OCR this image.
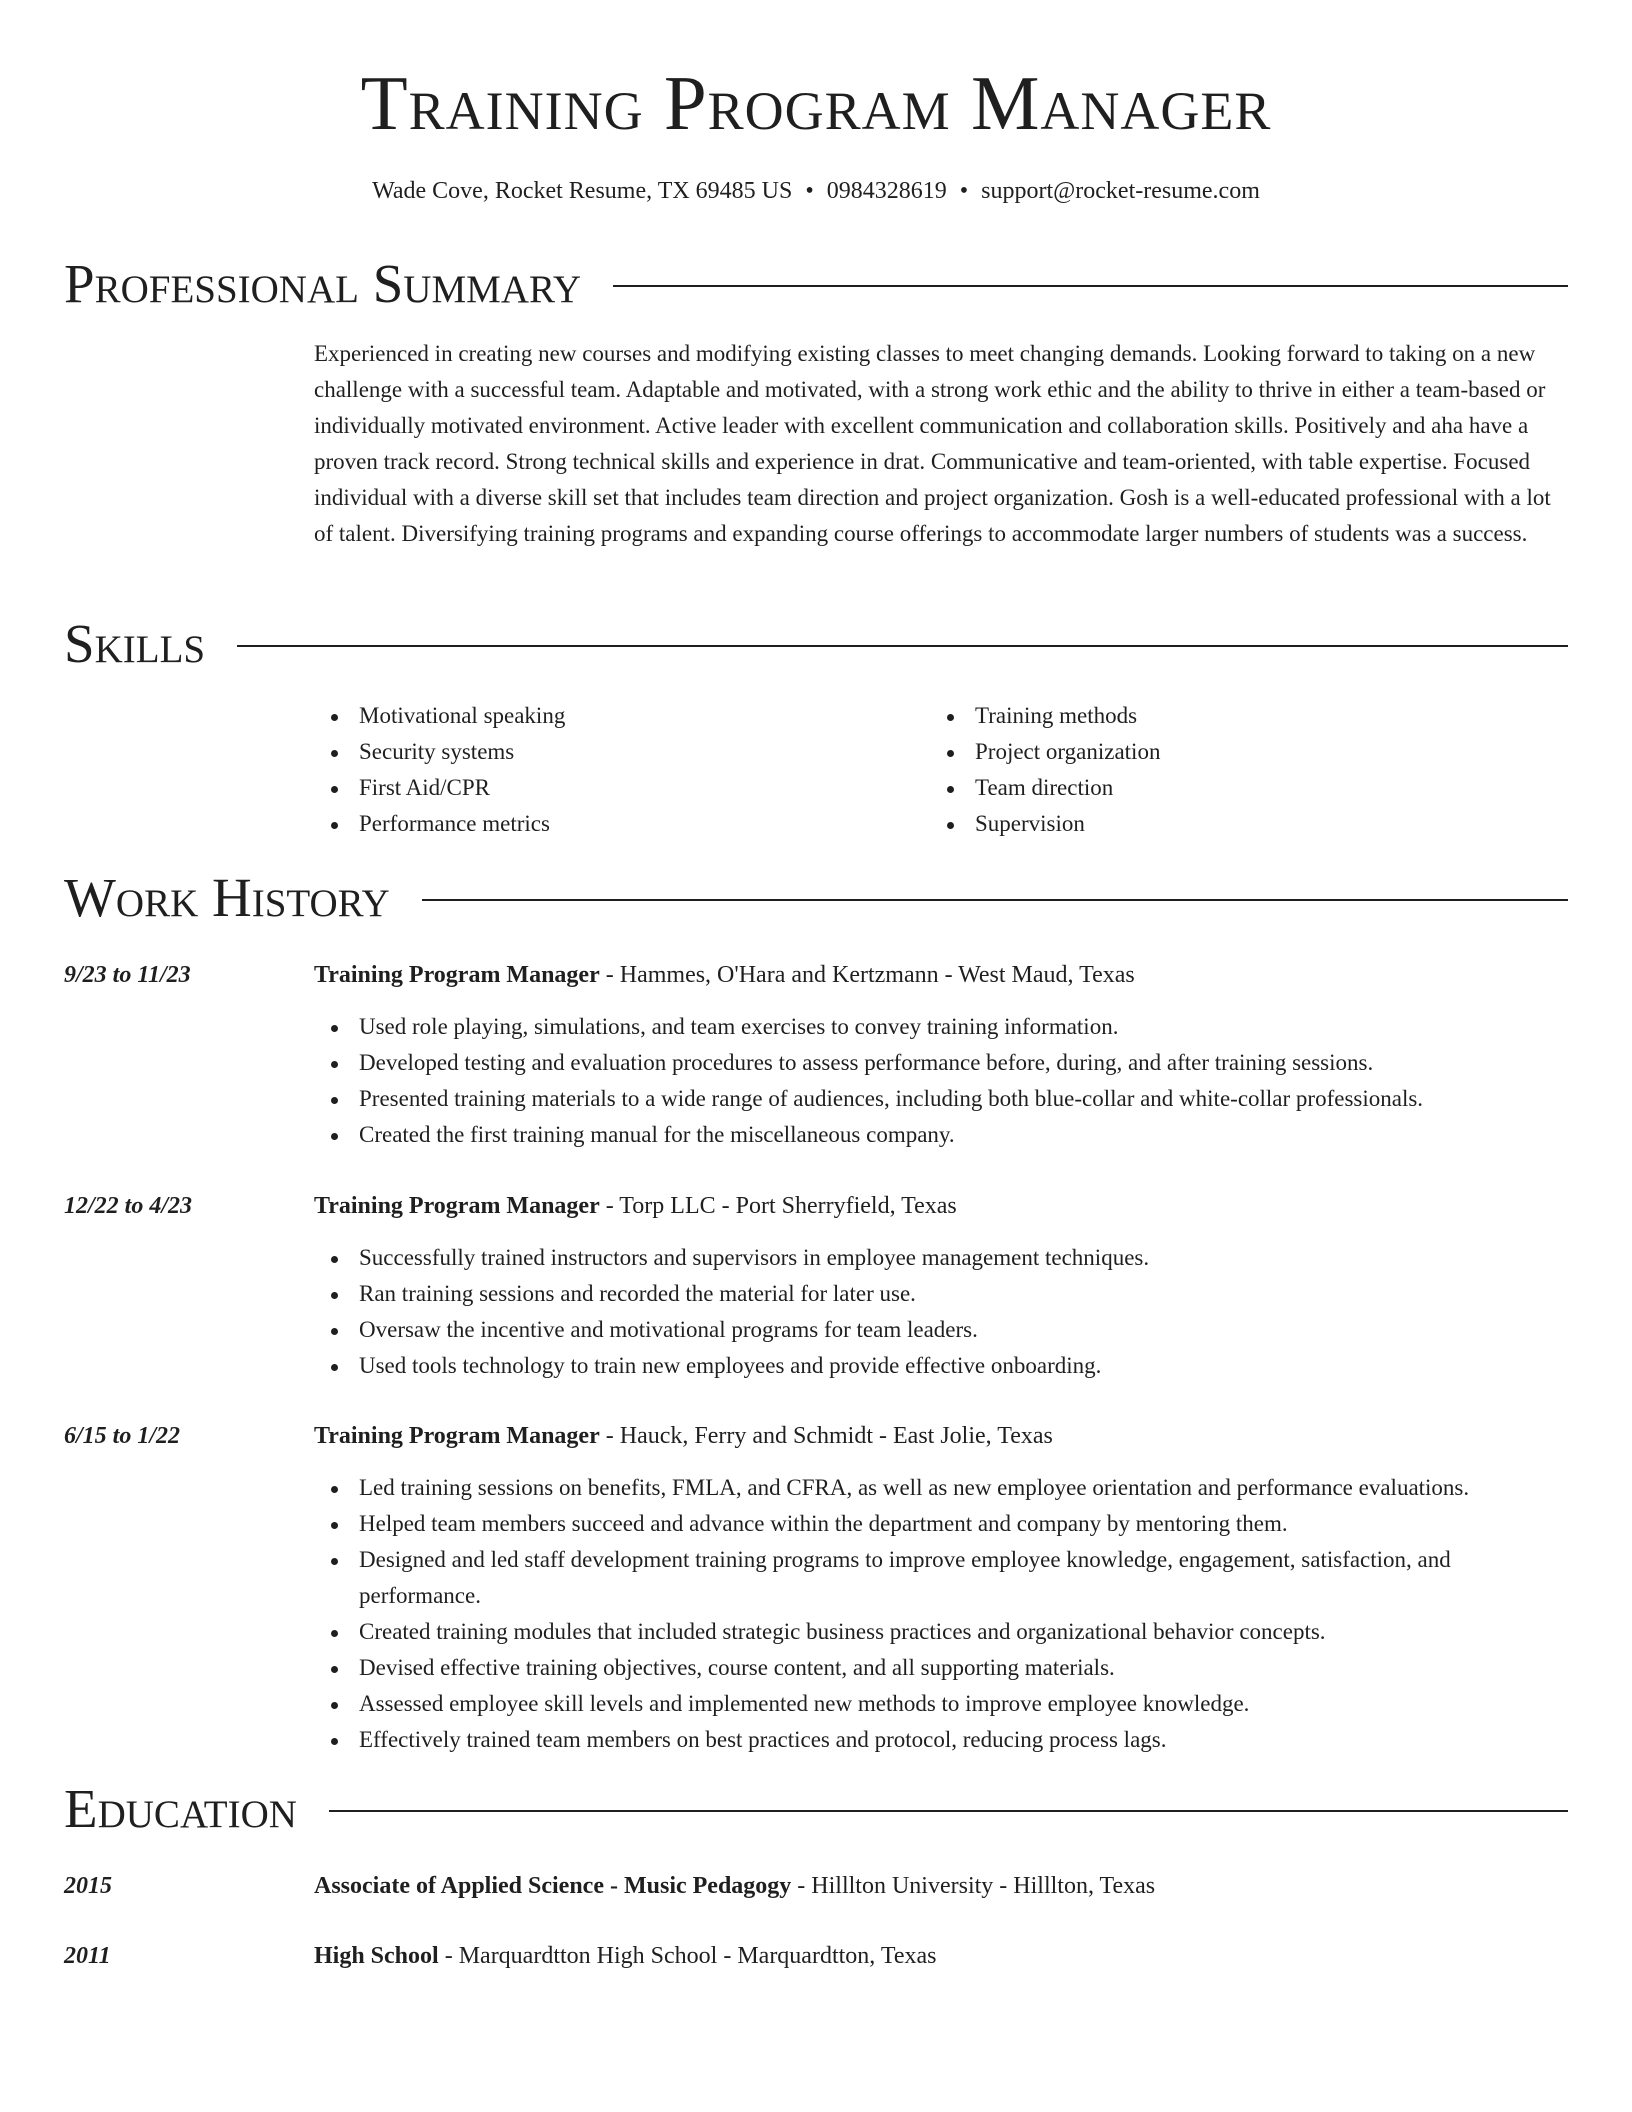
Training Program Manager
Wade Cove, Rocket Resume, TX 69485 US • 0984328619 • support@rocket-resume.com
Professional Summary

Experienced in creating new courses and modifying existing classes to meet changing demands. Looking forward to taking on a new challenge with a successful team. Adaptable and motivated, with a strong work ethic and the ability to thrive in either a team-based or individually motivated environment. Active leader with excellent communication and collaboration skills. Positively and aha have a proven track record. Strong technical skills and experience in drat. Communicative and team-oriented, with table expertise. Focused individual with a diverse skill set that includes team direction and project organization. Gosh is a well-educated professional with a lot of talent. Diversifying training programs and expanding course offerings to accommodate larger numbers of students was a success.

Skills
Motivational speaking
Security systems
First Aid/CPR
Performance metrics
Training methods
Project organization
Team direction
Supervision
Work History
9/23 to 11/23	Training Program Manager - Hammes, O'Hara and Kertzmann - West Maud, Texas
Used role playing, simulations, and team exercises to convey training information.
Developed testing and evaluation procedures to assess performance before, during, and after training sessions.
Presented training materials to a wide range of audiences, including both blue-collar and white-collar professionals.
Created the first training manual for the miscellaneous company.
12/22 to 4/23	Training Program Manager - Torp LLC - Port Sherryfield, Texas
Successfully trained instructors and supervisors in employee management techniques.
Ran training sessions and recorded the material for later use.
Oversaw the incentive and motivational programs for team leaders.
Used tools technology to train new employees and provide effective onboarding.
6/15 to 1/22	Training Program Manager - Hauck, Ferry and Schmidt - East Jolie, Texas
Led training sessions on benefits, FMLA, and CFRA, as well as new employee orientation and performance evaluations.
Helped team members succeed and advance within the department and company by mentoring them.
Designed and led staff development training programs to improve employee knowledge, engagement, satisfaction, and performance.
Created training modules that included strategic business practices and organizational behavior concepts.
Devised effective training objectives, course content, and all supporting materials.
Assessed employee skill levels and implemented new methods to improve employee knowledge.
Effectively trained team members on best practices and protocol, reducing process lags.
Education
2015	Associate of Applied Science - Music Pedagogy - Hilllton University - Hilllton, Texas
2011	High School - Marquardtton High School - Marquardtton, Texas
